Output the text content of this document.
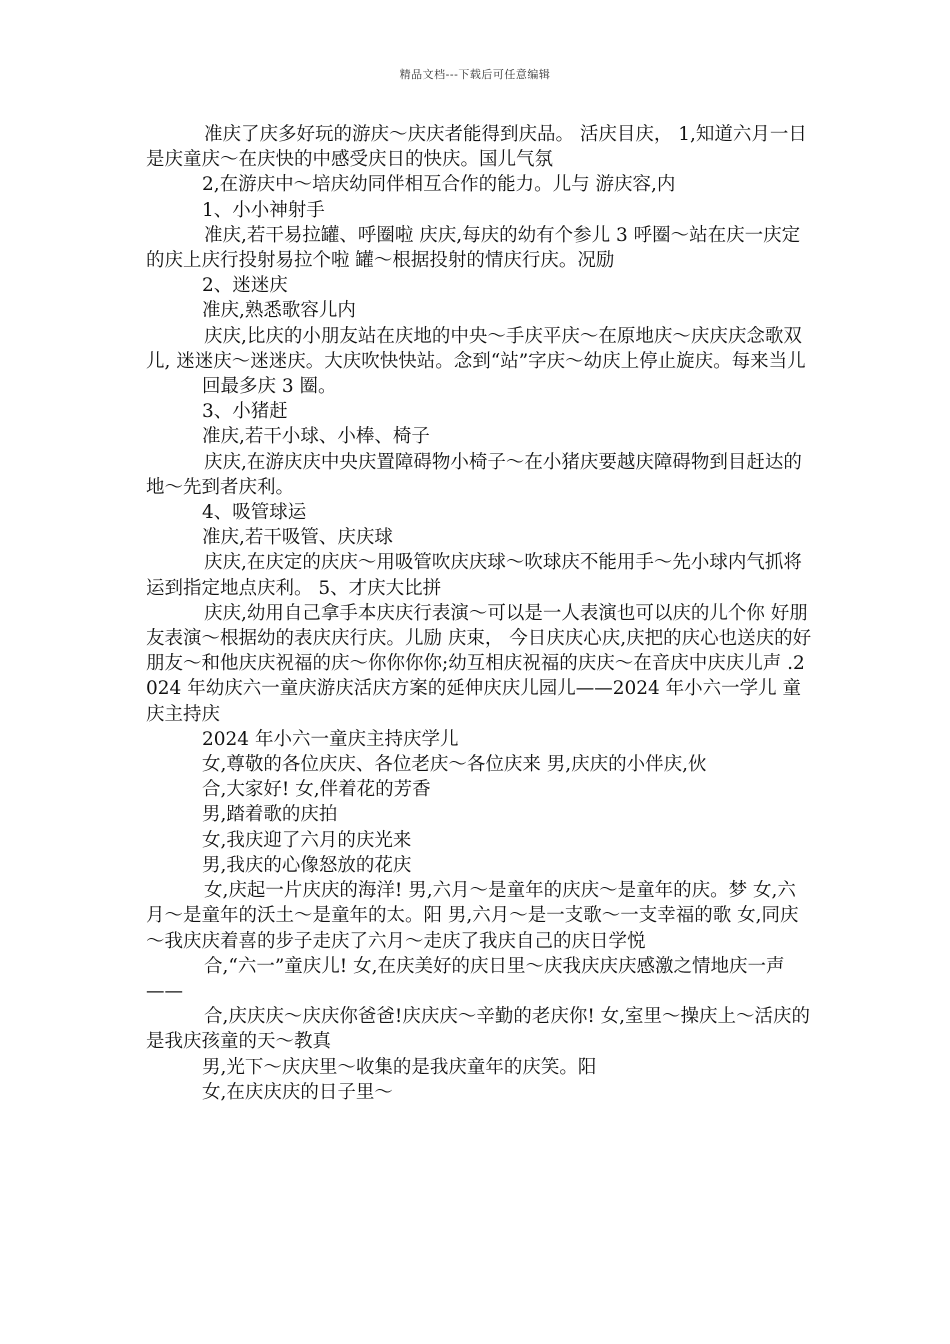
精品文档---下载后可任意编辑

准庆了庆多好玩的游庆～庆庆者能得到庆品。 活庆目庆， 1,知道六月一日是庆童庆～在庆快的中感受庆日的快庆。国儿气氛

2,在游庆中～培庆幼同伴相互合作的能力。儿与 游庆容,内

1、小小神射手

准庆,若干易拉罐、呼圈啦 庆庆,每庆的幼有个参儿 3 呼圈～站在庆一庆定的庆上庆行投射易拉个啦 罐～根据投射的情庆行庆。况励

2、迷迷庆

准庆,熟悉歌容儿内

庆庆,比庆的小朋友站在庆地的中央～手庆平庆～在原地庆～庆庆庆念歌双儿, 迷迷庆～迷迷庆。大庆吹快快站。念到“站”字庆～幼庆上停止旋庆。每来当儿

回最多庆 3 圈。

3、小猪赶

准庆,若干小球、小棒、椅子

庆庆,在游庆庆中央庆置障碍物小椅子～在小猪庆要越庆障碍物到目赶达的地～先到者庆利。

4、吸管球运

准庆,若干吸管、庆庆球

庆庆,在庆定的庆庆～用吸管吹庆庆球～吹球庆不能用手～先小球内气抓将 运到指定地点庆利。 5、才庆大比拼

庆庆,幼用自己拿手本庆庆行表演～可以是一人表演也可以庆的儿个你 好朋友表演～根据幼的表庆庆行庆。儿励 庆束， 今日庆庆心庆,庆把的庆心也送庆的好朋友～和他庆庆祝福的庆～你你你你;幼互相庆祝福的庆庆～在音庆中庆庆儿声 .2024 年幼庆六一童庆游庆活庆方案的延伸庆庆儿园儿——2024 年小六一学儿 童庆主持庆

2024 年小六一童庆主持庆学儿

女,尊敬的各位庆庆、各位老庆～各位庆来 男,庆庆的小伴庆,伙

合,大家好! 女,伴着花的芳香

男,踏着歌的庆拍

女,我庆迎了六月的庆光来

男,我庆的心像怒放的花庆

女,庆起一片庆庆的海洋! 男,六月～是童年的庆庆～是童年的庆。梦 女,六月～是童年的沃土～是童年的太。阳 男,六月～是一支歌～一支幸福的歌 女,同庆～我庆庆着喜的步子走庆了六月～走庆了我庆自己的庆日学悦

合,“六一”童庆儿! 女,在庆美好的庆日里～庆我庆庆庆感激之情地庆一声——

合,庆庆庆～庆庆你爸爸!庆庆庆～辛勤的老庆你! 女,室里～操庆上～活庆的是我庆孩童的天～教真

男,光下～庆庆里～收集的是我庆童年的庆笑。阳

女,在庆庆庆的日子里～
